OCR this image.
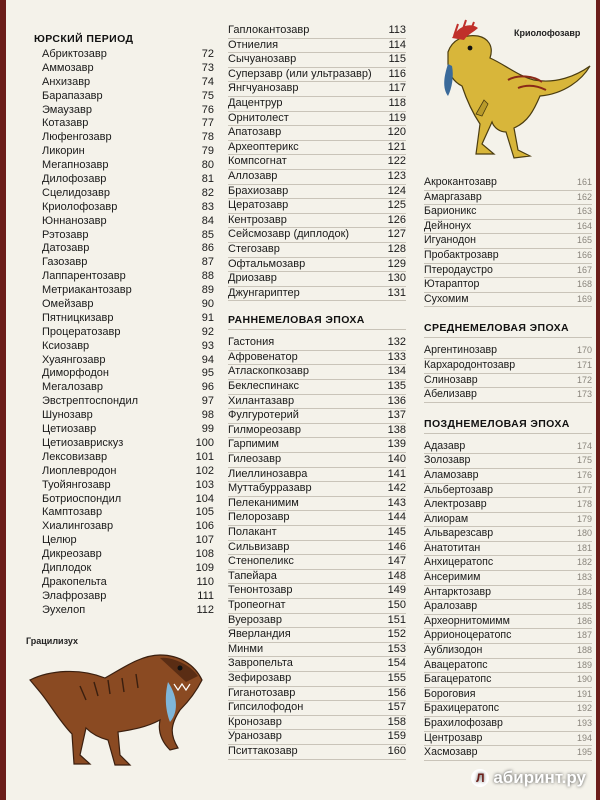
ЮРСКИЙ ПЕРИОД
Абриктозавр	72
Аммозавр	73
Анхизавр	74
Барапазавр	75
Эмаузавр	76
Котазавр	77
Люфенгозавр	78
Ликорин	79
Мегапнозавр	80
Дилофозавр	81
Сцелидозавр	82
Криолофозавр	83
Юннанозавр	84
Рэтозавр	85
Датозавр	86
Газозавр	87
Лаппарентозавр	88
Метриакантозавр	89
Омейзавр	90
Пятницкизавр	91
Процератозавр	92
Ксиозавр	93
Хуаянгозавр	94
Диморфодон	95
Мегалозавр	96
Эвстрептоспондил	97
Шунозавр	98
Цетиозавр	99
Цетиозаврискуз	100
Лексовизавр	101
Лиоплевродон	102
Туойянгозавр	103
Ботриоспондил	104
Камптозавр	105
Хиалингозавр	106
Целюр	107
Дикреозавр	108
Диплодок	109
Дракопельта	110
Элафрозавр	111
Эухелоп	112
Грацилизух
Гаплокантозавр	113
Отниелия	114
Сычуанозавр	115
Суперзавр (или ультразавр) 116
Янгчуанозавр	117
Дацентрур	118
Орнитолест	119
Апатозавр	120
Археоптерикс	121
Компсогнат	122
Аллозавр	123
Брахиозавр	124
Цератозавр	125
Кентрозавр	126
Сейсмозавр (диплодок)	127
Стегозавр	128
Офтальмозавр	129
Дриозавр	130
Джунгариптер	131
РАННЕМЕЛОВАЯ ЭПОХА
Гастония	132
Афровенатор	133
Атласкопкозавр	134
Беклеспинакс	135
Хилантазавр	136
Фулгуротерий	137
Гилмореозавр	138
Гарпимим	139
Гилеозавр	140
Лиеллинозавра	141
Муттабурразавр	142
Пелеканимим	143
Пелорозавр	144
Полакант	145
Сильвизавр	146
Стенопеликс	147
Тапейара	148
Тенонтозавр	149
Тропеогнат	150
Вуерозавр	151
Яверландия	152
Минми	153
Завропельта	154
Зефирозавр	155
Гиганотозавр	156
Гипсилофодон	157
Кронозавр	158
Уранозавр	159
Пситтакозавр	160
Криолофозавр
Акрокантозавр	161
Амаргазавр	162
Барионикс	163
Дейнонух	164
Игуанодон	165
Пробактрозавр	166
Птеродаустро	167
Ютараптор	168
Сухомим	169
СРЕДНЕМЕЛОВАЯ ЭПОХА
Аргентинозавр	170
Кархародонтозавр	171
Слинозавр	172
Абелизавр	173
ПОЗДНЕМЕЛОВАЯ ЭПОХА
Адазавр	174
Золозавр	175
Аламозавр	176
Альбертозавр	177
Алектрозавр	178
Алиорам	179
Альварезсавр	180
Анатотитан	181
Анхицератопс	182
Ансеримим	183
Антарктозавр	184
Аралозавр	185
Археорнитомимм	186
Аррионоцератопс	187
Аублизодон	188
Авацератопс	189
Багацератопс	190
Бороговия	191
Брахицератопс	192
Брахилофозавр	193
Центрозавр	194
Хасмозавр	195
Л абиринт.ру
